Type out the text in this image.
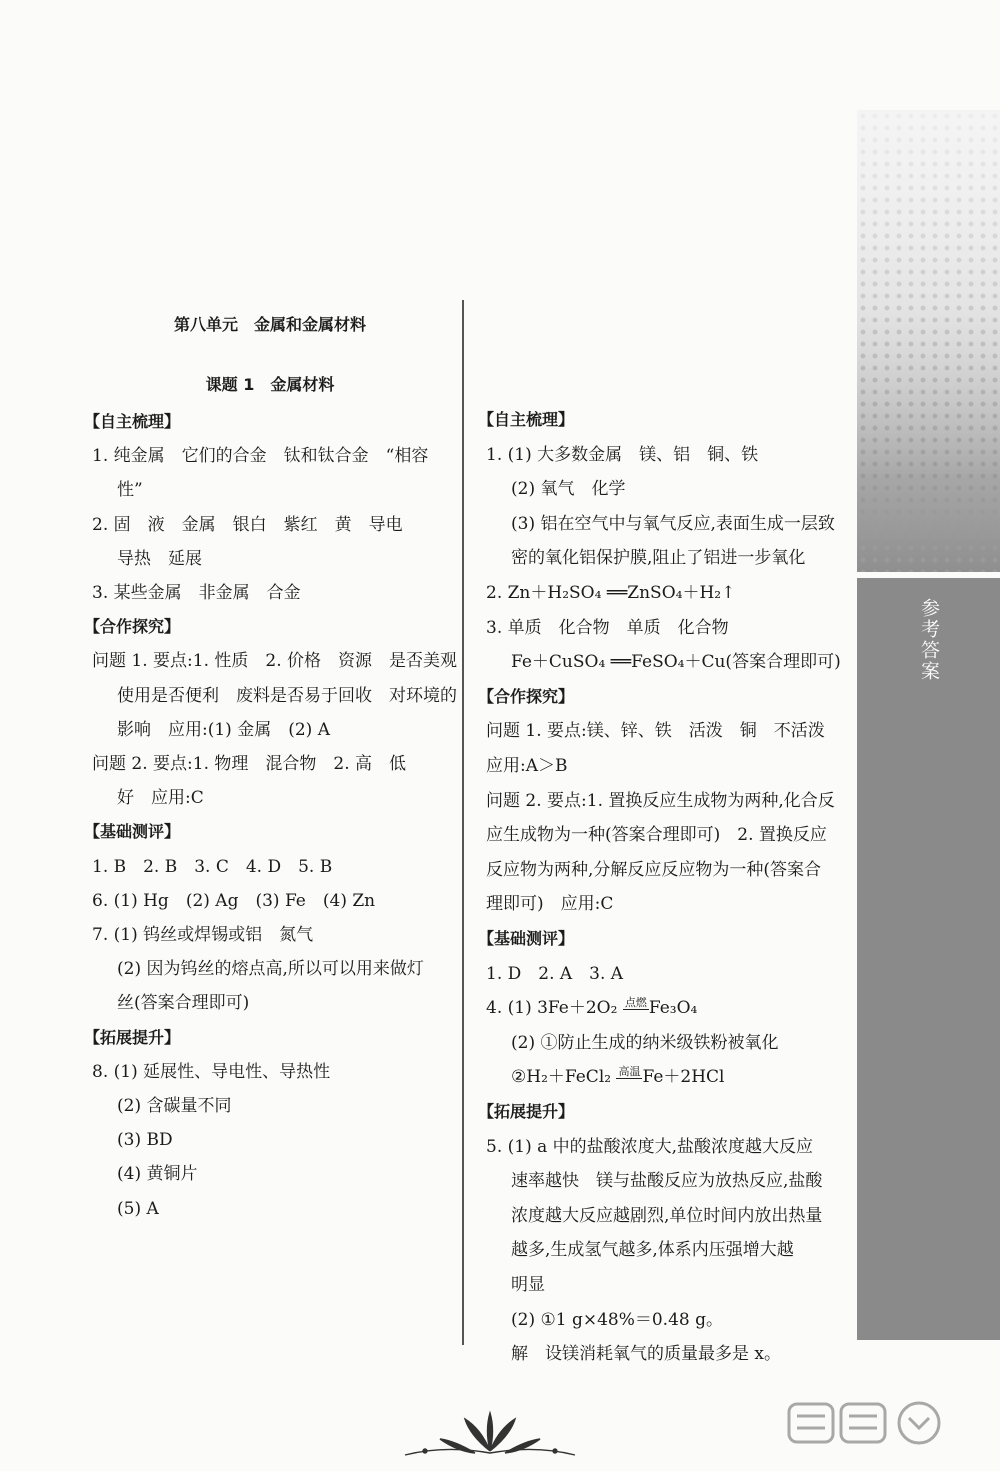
第八单元　金属和金属材料
课题 1　金属材料
【自主梳理】
1. 纯金属　它们的合金　钛和钛合金　“相容
性”
2. 固　液　金属　银白　紫红　黄　导电
导热　延展
3. 某些金属　非金属　合金
【合作探究】
问题 1. 要点:1. 性质　2. 价格　资源　是否美观
使用是否便利　废料是否易于回收　对环境的
影响　应用:(1) 金属　(2) A
问题 2. 要点:1. 物理　混合物　2. 高　低
好　应用:C
【基础测评】
1. B　2. B　3. C　4. D　5. B
6. (1) Hg　(2) Ag　(3) Fe　(4) Zn
7. (1) 钨丝或焊锡或铝　氮气
(2) 因为钨丝的熔点高,所以可以用来做灯
丝(答案合理即可)
【拓展提升】
8. (1) 延展性、导电性、导热性
(2) 含碳量不同
(3) BD
(4) 黄铜片
(5) A
【自主梳理】
1. (1) 大多数金属　镁、铝　铜、铁
(2) 氧气　化学
(3) 铝在空气中与氧气反应,表面生成一层致
密的氧化铝保护膜,阻止了铝进一步氧化
2. Zn＋H₂SO₄ ══ZnSO₄＋H₂↑
3. 单质　化合物　单质　化合物
Fe＋CuSO₄ ══FeSO₄＋Cu(答案合理即可)
【合作探究】
问题 1. 要点:镁、锌、铁　活泼　铜　不活泼
应用:A＞B
问题 2. 要点:1. 置换反应生成物为两种,化合反
应生成物为一种(答案合理即可)　2. 置换反应
反应物为两种,分解反应反应物为一种(答案合
理即可)　应用:C
【基础测评】
1. D　2. A　3. A
4. (1) 3Fe＋2O₂ 点燃 Fe₃O₄
(2) ①防止生成的纳米级铁粉被氧化
②H₂＋FeCl₂ 高温 Fe＋2HCl
【拓展提升】
5. (1) a 中的盐酸浓度大,盐酸浓度越大反应
速率越快　镁与盐酸反应为放热反应,盐酸
浓度越大反应越剧烈,单位时间内放出热量
越多,生成氢气越多,体系内压强增大越
明显
(2) ①1 g×48%＝0.48 g。
解　设镁消耗氧气的质量最多是 x。
参考答案
